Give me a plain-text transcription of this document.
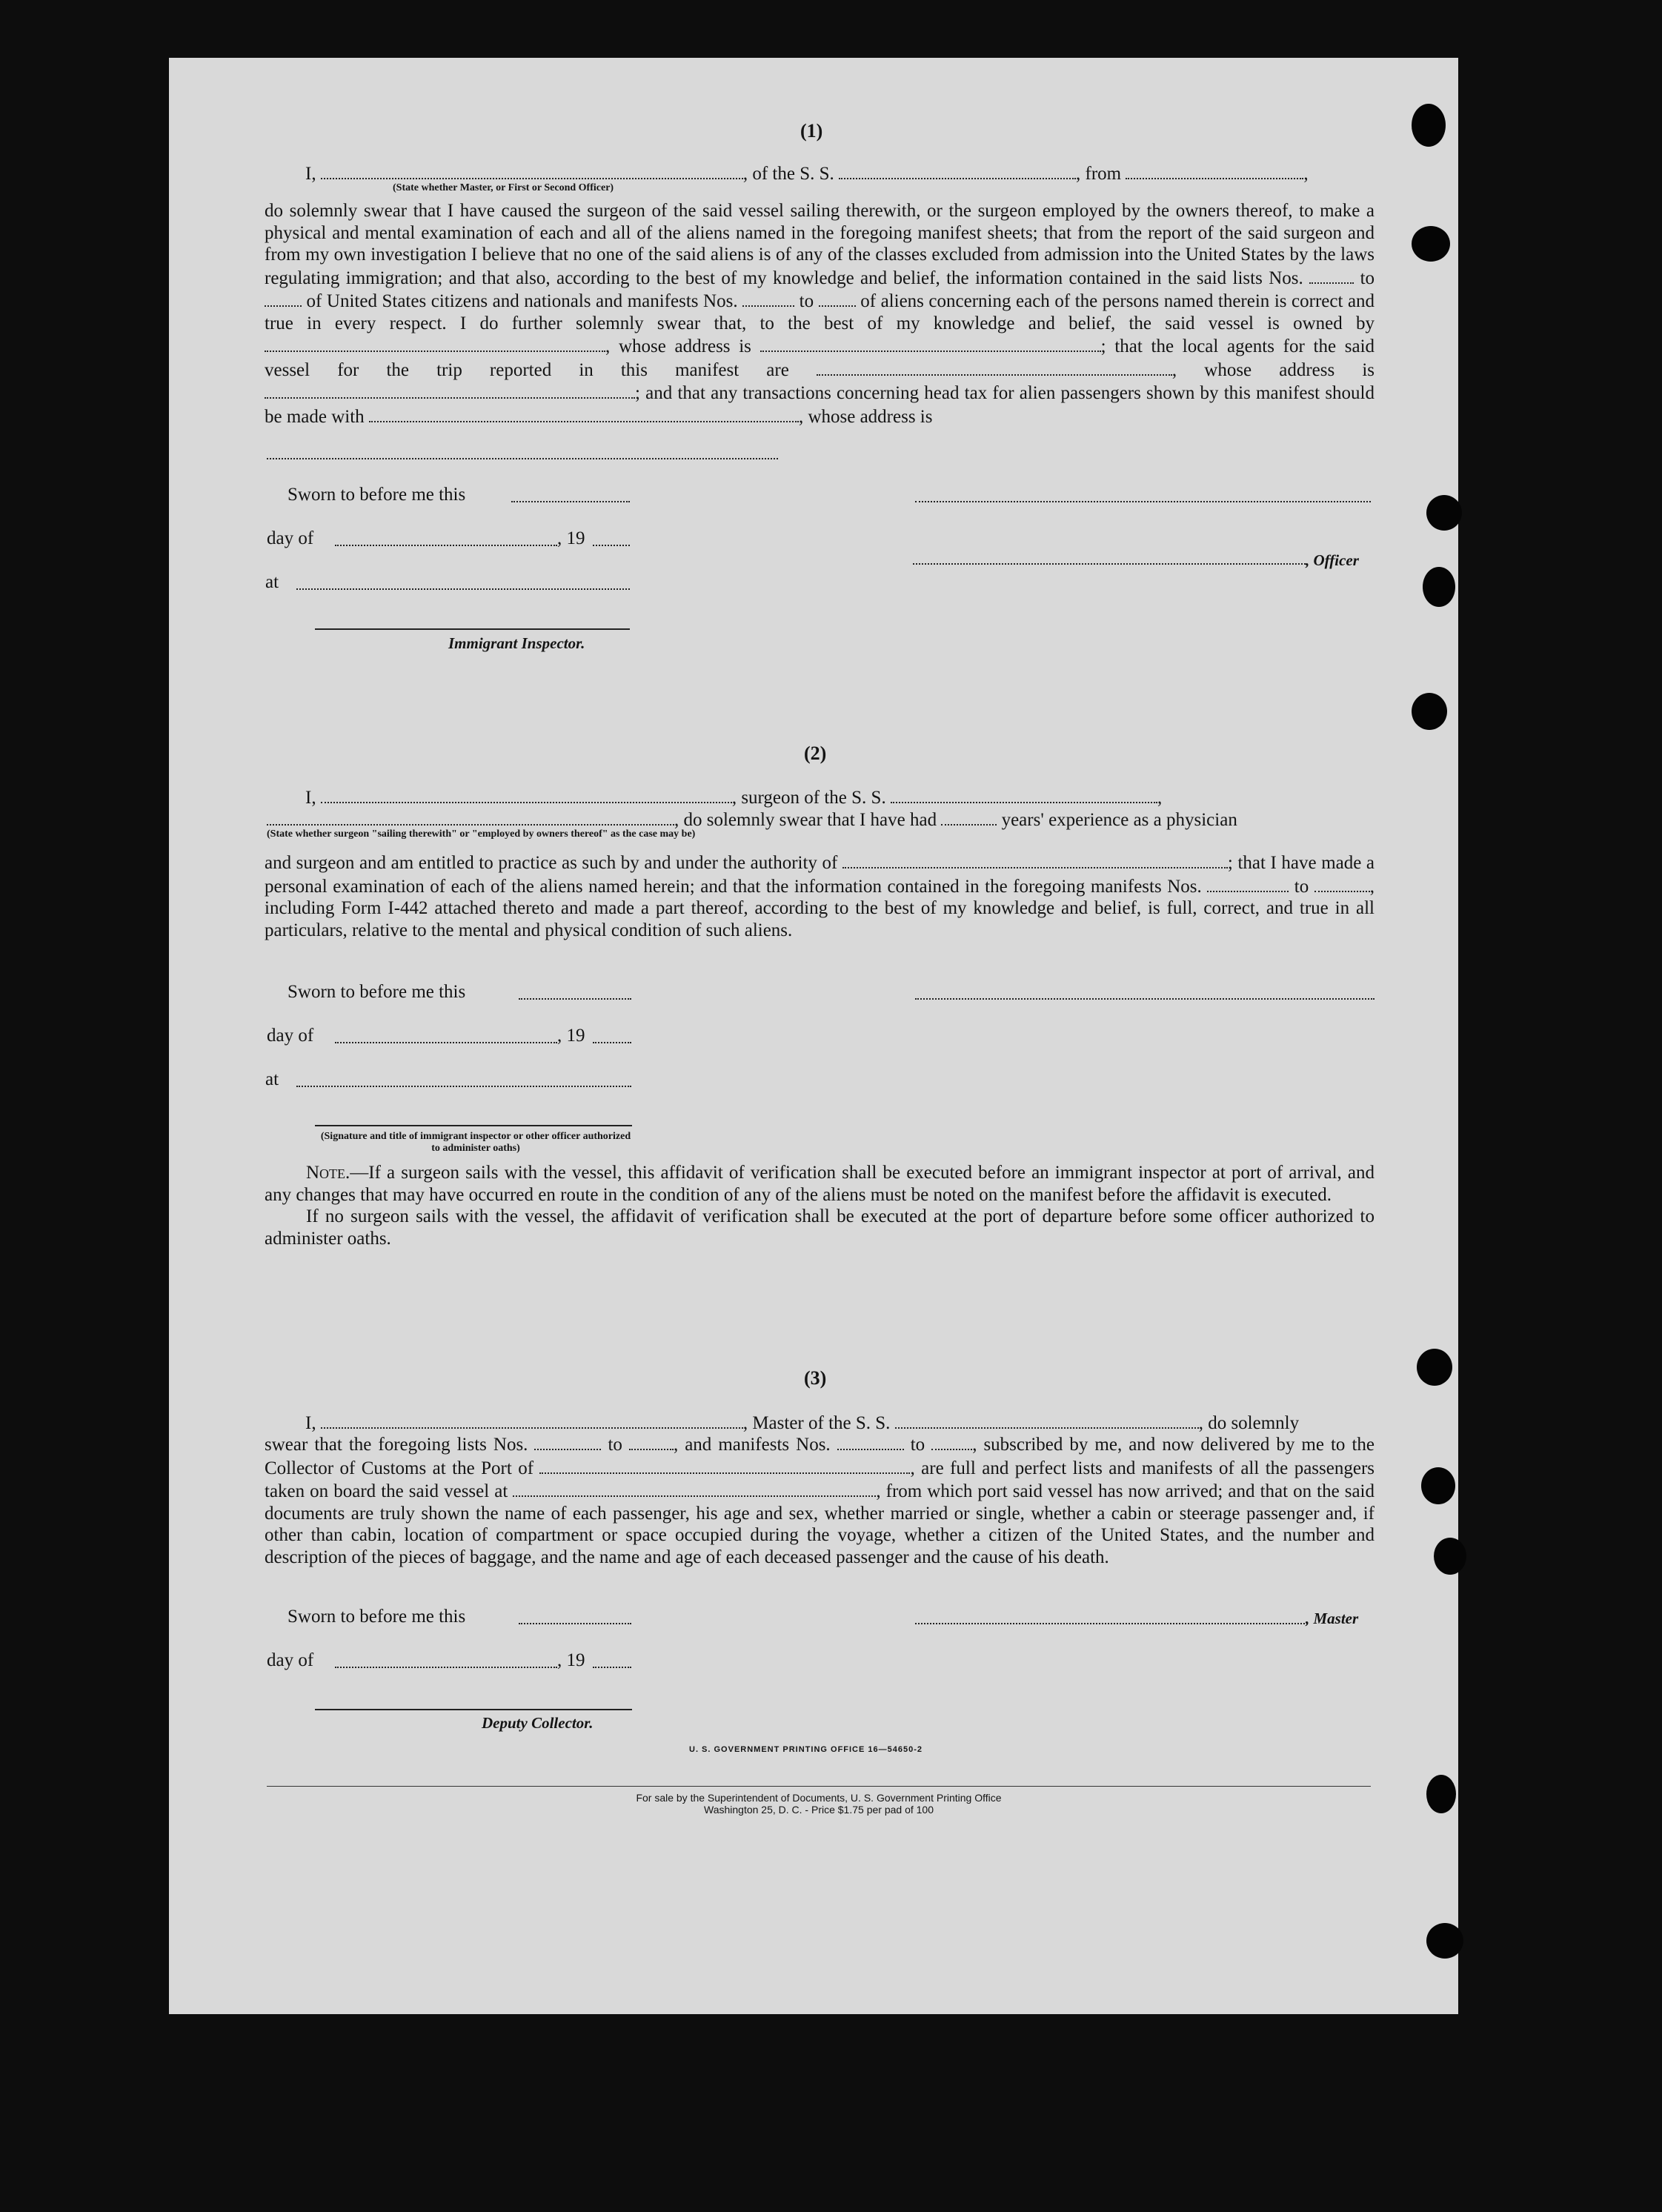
(1)
I,	, of the S. S.	, from	,
(State whether Master, or First or Second Officer)

do solemnly swear that I have caused the surgeon of the said vessel sailing therewith, or the surgeon employed by the owners thereof, to make a physical and mental examination of each and all of the aliens named in the foregoing manifest sheets; that from the report of the said surgeon and from my own investigation I believe that no one of the said aliens is of any of the classes excluded from admission into the United States by the laws regulating immigration; and that also, according to the best of my knowledge and belief, the information contained in the said lists Nos.	to  of United States citizens and nationals and manifests Nos.	to	of aliens concerning each of the persons named therein is correct and true in every respect. I do further solemnly swear that, to the best of my knowledge and belief, the said vessel is owned by , whose address is	; that the local agents for the said vessel for the trip reported in this manifest are	, whose address is ; and that any transactions concerning head tax for alien passengers shown by this manifest should be made with	, whose address is

Sworn to before me this
day of	, 19
, Officer
at
Immigrant Inspector.
(2)
I,	, surgeon of the S. S.	,
, do solemnly swear that I have had	years' experience as a physician
(State whether surgeon "sailing therewith" or "employed by owners thereof" as the case may be)

and surgeon and am entitled to practice as such by and under the authority of	; that I have made a personal examination of each of the aliens named herein; and that the information contained in the foregoing manifests Nos.	to	, including Form I-442 attached thereto and made a part thereof, according to the best of my knowledge and belief, is full, correct, and true in all particulars, relative to the mental and physical condition of such aliens.

Sworn to before me this
day of	, 19
at
(Signature and title of immigrant inspector or other officer authorized to administer oaths)

Note.—If a surgeon sails with the vessel, this affidavit of verification shall be executed before an immigrant inspector at port of arrival, and any changes that may have occurred en route in the condition of any of the aliens must be noted on the manifest before the affidavit is executed.

If no surgeon sails with the vessel, the affidavit of verification shall be executed at the port of departure before some officer authorized to administer oaths.

(3)
I,	, Master of the S. S.	, do solemnly

swear that the foregoing lists Nos.	to	, and manifests Nos.	to	, subscribed by me, and now delivered by me to the Collector of Customs at the Port of	, are full and perfect lists and manifests of all the passengers taken on board the said vessel at	, from which port said vessel has now arrived; and that on the said documents are truly shown the name of each passenger, his age and sex, whether married or single, whether a cabin or steerage passenger and, if other than cabin, location of compartment or space occupied during the voyage, whether a citizen of the United States, and the number and description of the pieces of baggage, and the name and age of each deceased passenger and the cause of his death.

Sworn to before me this	, Master
day of	, 19
Deputy Collector.
U. S. GOVERNMENT PRINTING OFFICE 16—54650-2
For sale by the Superintendent of Documents, U. S. Government Printing Office
Washington 25, D. C. - Price $1.75 per pad of 100
